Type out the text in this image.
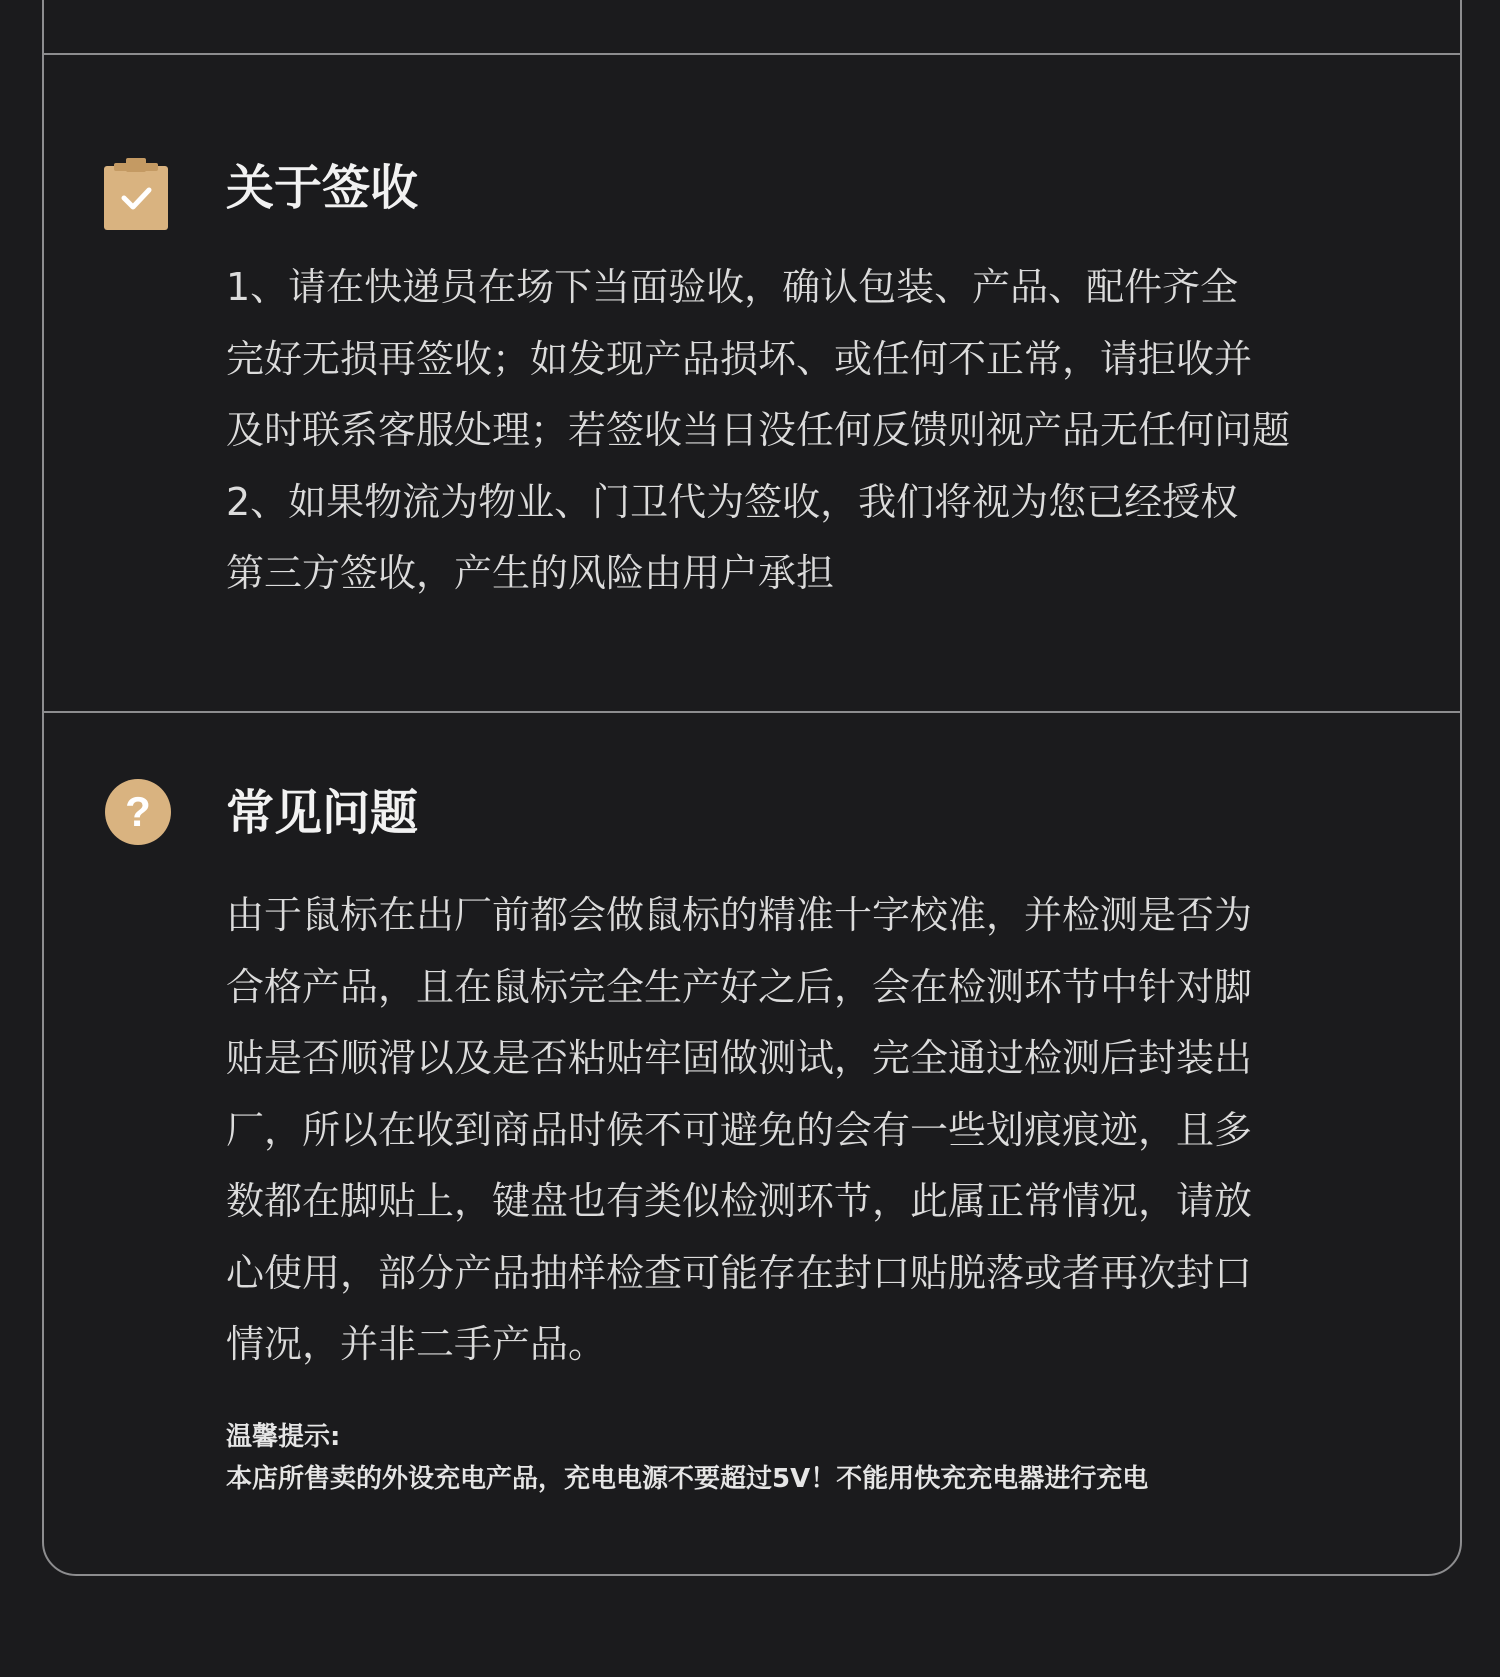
关于签收
1、请在快递员在场下当面验收，确认包装、产品、配件齐全
完好无损再签收；如发现产品损坏、或任何不正常，请拒收并
及时联系客服处理；若签收当日没任何反馈则视产品无任何问题
2、如果物流为物业、门卫代为签收，我们将视为您已经授权
第三方签收，产生的风险由用户承担
? 常见问题
由于鼠标在出厂前都会做鼠标的精准十字校准，并检测是否为
合格产品，且在鼠标完全生产好之后，会在检测环节中针对脚
贴是否顺滑以及是否粘贴牢固做测试，完全通过检测后封装出
厂，所以在收到商品时候不可避免的会有一些划痕痕迹，且多
数都在脚贴上，键盘也有类似检测环节，此属正常情况，请放
心使用，部分产品抽样检查可能存在封口贴脱落或者再次封口
情况，并非二手产品。
温馨提示:
本店所售卖的外设充电产品，充电电源不要超过5V！不能用快充充电器进行充电
